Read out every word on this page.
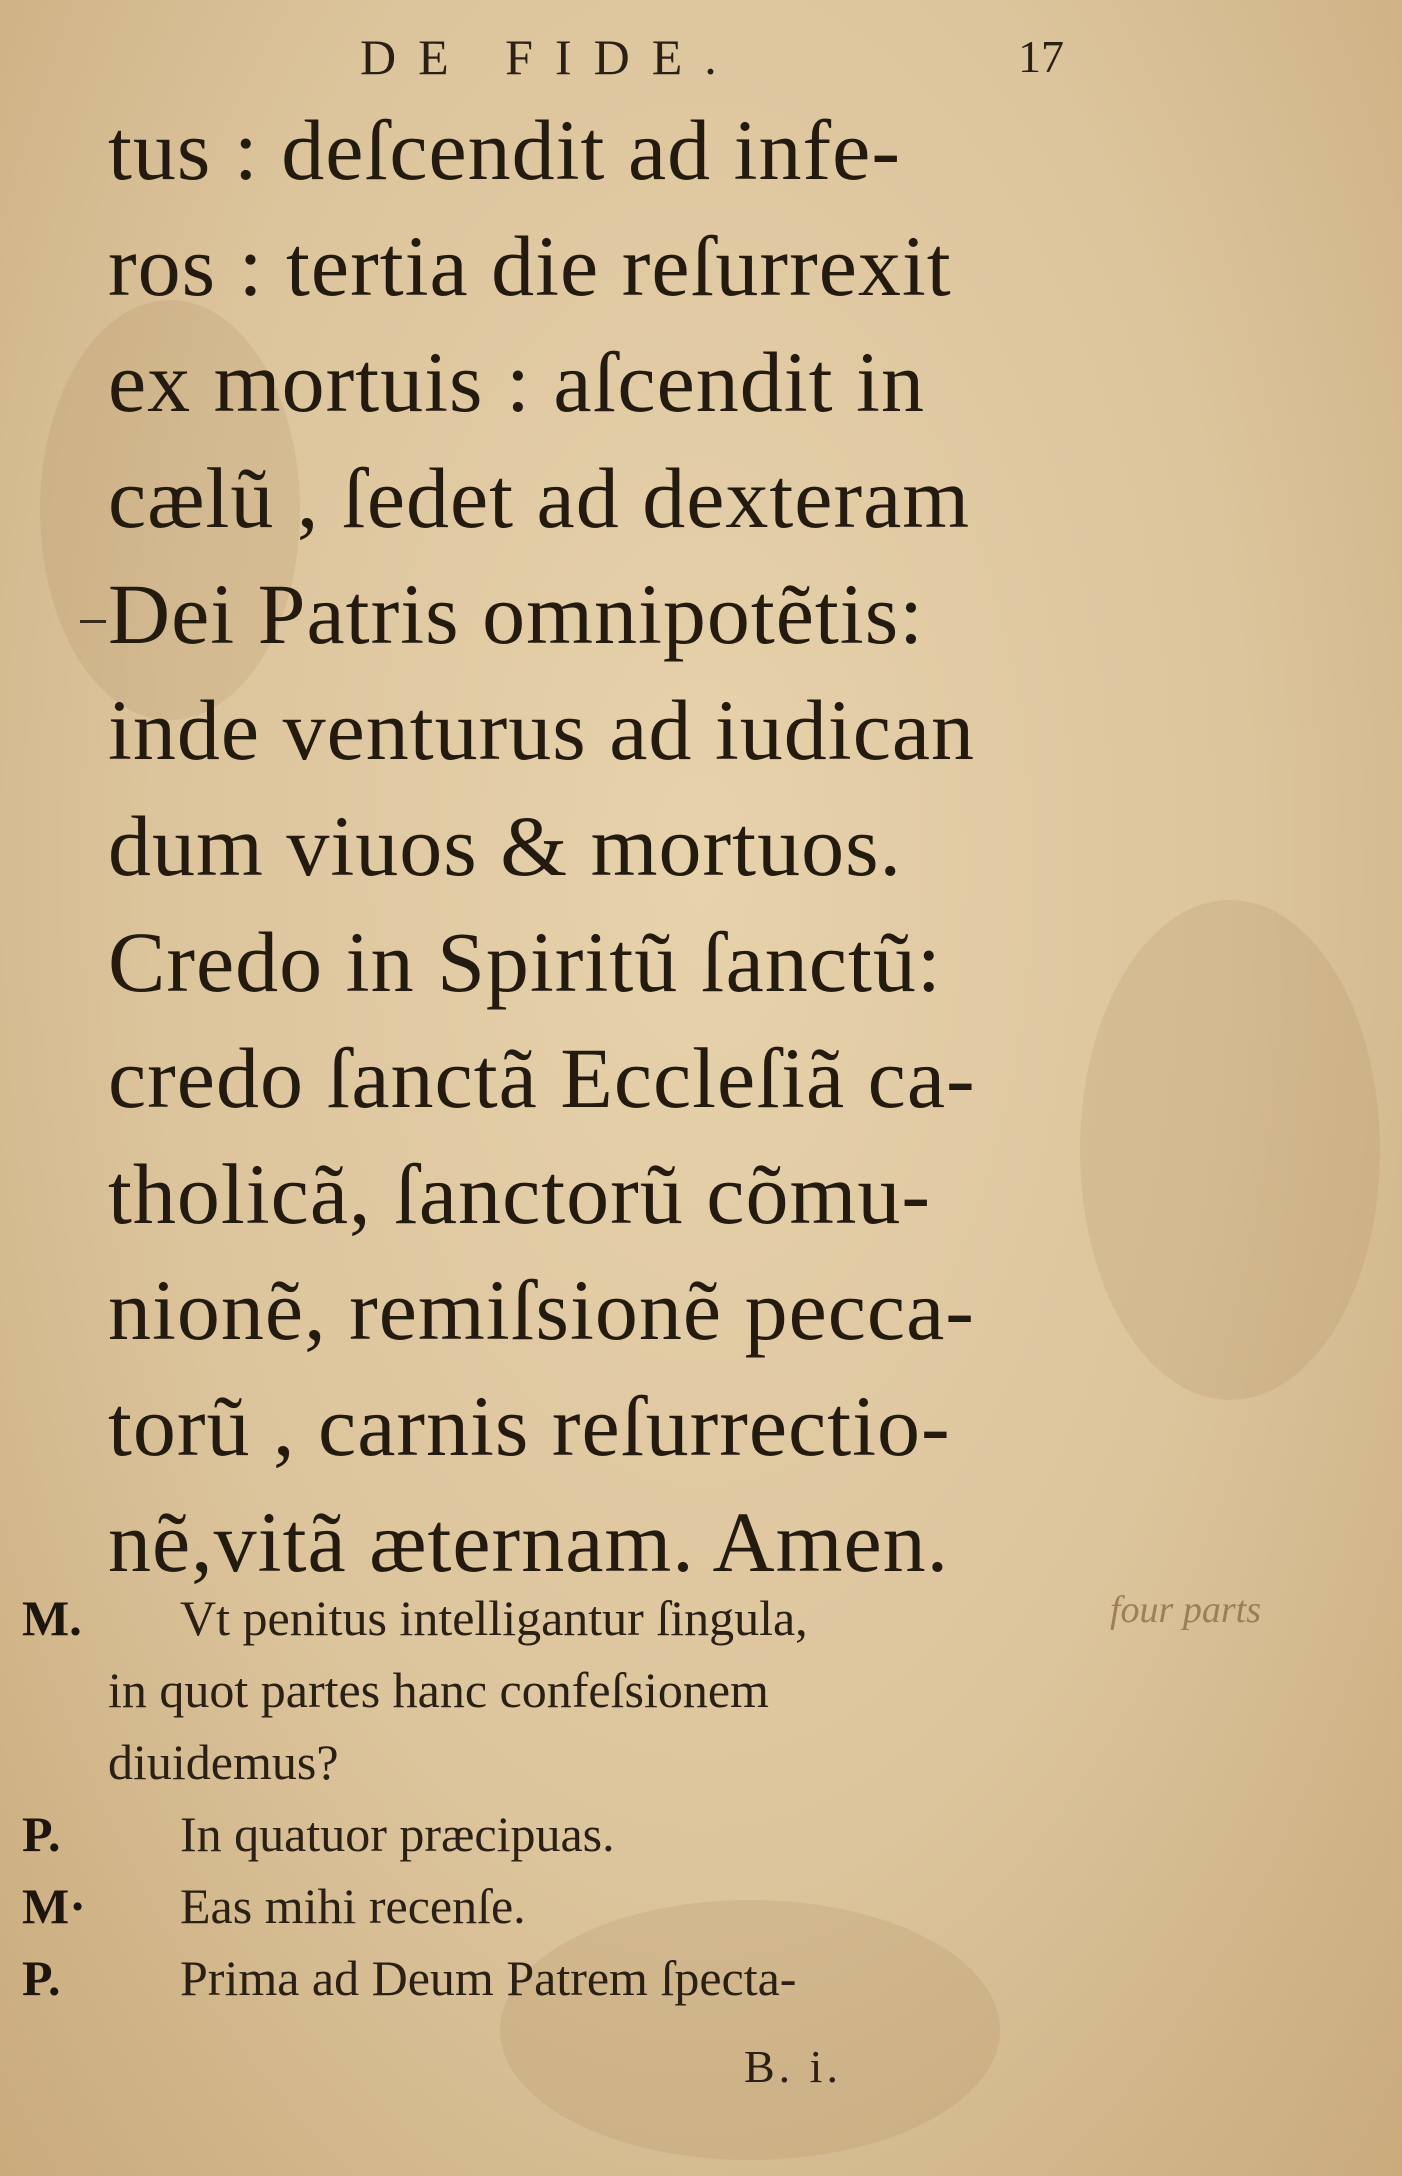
DE FIDE.	17
tus : deſcendit ad infe-
ros : tertia die reſurrexit
ex mortuis : aſcendit in
cælũ , ſedet ad dexteram
Dei Patris omnipotẽtis:
inde venturus ad iudican
dum viuos & mortuos.
Credo in Spiritũ ſanctũ:
credo ſanctã Eccleſiã ca-
tholicã, ſanctorũ cõmu-
nionẽ, remiſsionẽ pecca-
torũ , carnis reſurrectio-
nẽ,vitã æternam. Amen.
M.	Vt penitus intelligantur ſingula,
in quot partes hanc confeſsionem
diuidemus?
P.	In quatuor præcipuas.
M·	Eas mihi recenſe.
P.	Prima ad Deum Patrem ſpecta-
four parts
B. i.
